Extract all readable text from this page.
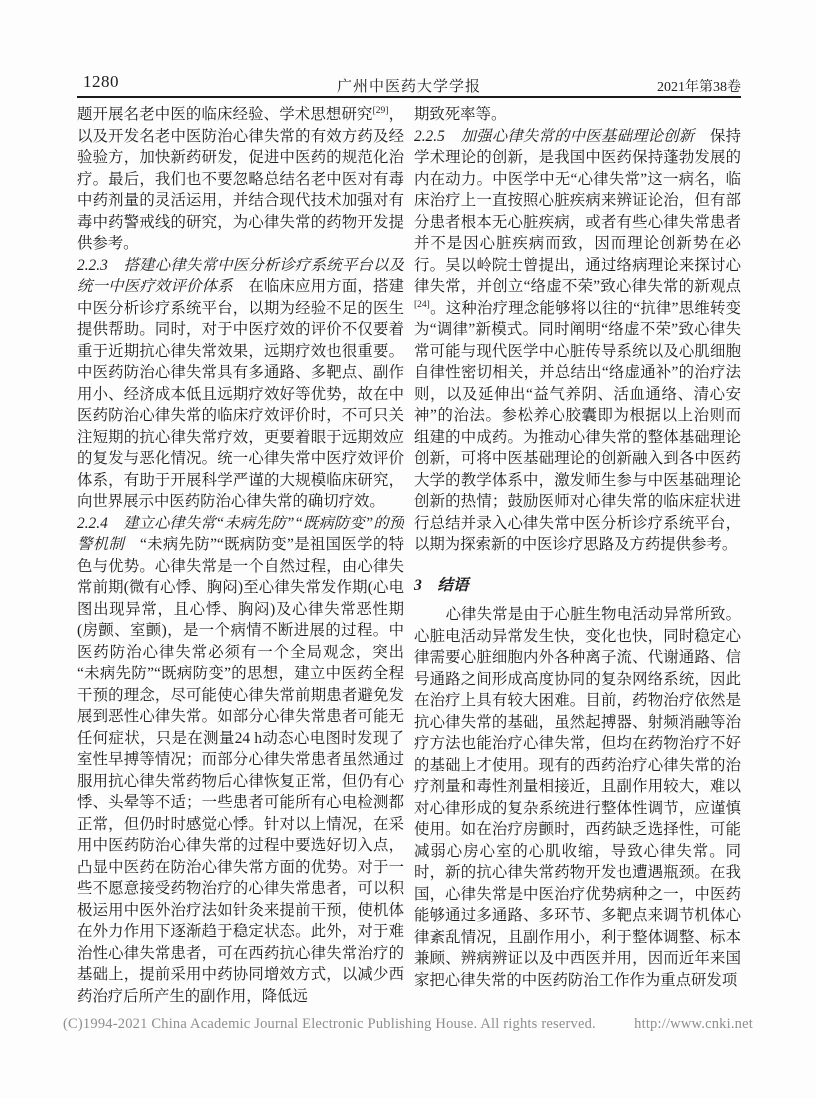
1280	广州中医药大学学报	2021年第38卷

题开展名老中医的临床经验、学术思想研究[29]，以及开发名老中医防治心律失常的有效方药及经验验方，加快新药研发，促进中医药的规范化治疗。最后，我们也不要忽略总结名老中医对有毒中药剂量的灵活运用，并结合现代技术加强对有毒中药警戒线的研究，为心律失常的药物开发提供参考。

2.2.3　搭建心律失常中医分析诊疗系统平台以及统一中医疗效评价体系　在临床应用方面，搭建中医分析诊疗系统平台，以期为经验不足的医生提供帮助。同时，对于中医疗效的评价不仅要着重于近期抗心律失常效果，远期疗效也很重要。中医药防治心律失常具有多通路、多靶点、副作用小、经济成本低且远期疗效好等优势，故在中医药防治心律失常的临床疗效评价时，不可只关注短期的抗心律失常疗效，更要着眼于远期效应的复发与恶化情况。统一心律失常中医疗效评价体系，有助于开展科学严谨的大规模临床研究，向世界展示中医药防治心律失常的确切疗效。

2.2.4　建立心律失常“未病先防”“既病防变”的预警机制　“未病先防”“既病防变”是祖国医学的特色与优势。心律失常是一个自然过程，由心律失常前期(微有心悸、胸闷)至心律失常发作期(心电图出现异常，且心悸、胸闷)及心律失常恶性期(房颤、室颤)，是一个病情不断进展的过程。中医药防治心律失常必须有一个全局观念，突出“未病先防”“既病防变”的思想，建立中医药全程干预的理念，尽可能使心律失常前期患者避免发展到恶性心律失常。如部分心律失常患者可能无任何症状，只是在测量24 h动态心电图时发现了室性早搏等情况；而部分心律失常患者虽然通过服用抗心律失常药物后心律恢复正常，但仍有心悸、头晕等不适；一些患者可能所有心电检测都正常，但仍时时感觉心悸。针对以上情况，在采用中医药防治心律失常的过程中要选好切入点，凸显中医药在防治心律失常方面的优势。对于一些不愿意接受药物治疗的心律失常患者，可以积极运用中医外治疗法如针灸来提前干预，使机体在外力作用下逐渐趋于稳定状态。此外，对于难治性心律失常患者，可在西药抗心律失常治疗的基础上，提前采用中药协同增效方式，以减少西药治疗后所产生的副作用，降低远

期致死率等。

2.2.5　加强心律失常的中医基础理论创新　保持学术理论的创新，是我国中医药保持蓬勃发展的内在动力。中医学中无“心律失常”这一病名，临床治疗上一直按照心脏疾病来辨证论治，但有部分患者根本无心脏疾病，或者有些心律失常患者并不是因心脏疾病而致，因而理论创新势在必行。吴以岭院士曾提出，通过络病理论来探讨心律失常，并创立“络虚不荣”致心律失常的新观点[24]。这种治疗理念能够将以往的“抗律”思维转变为“调律”新模式。同时阐明“络虚不荣”致心律失常可能与现代医学中心脏传导系统以及心肌细胞自律性密切相关，并总结出“络虚通补”的治疗法则，以及延伸出“益气养阴、活血通络、清心安神”的治法。参松养心胶囊即为根据以上治则而组建的中成药。为推动心律失常的整体基础理论创新，可将中医基础理论的创新融入到各中医药大学的教学体系中，激发师生参与中医基础理论创新的热情；鼓励医师对心律失常的临床症状进行总结并录入心律失常中医分析诊疗系统平台，以期为探索新的中医诊疗思路及方药提供参考。

3　结语

心律失常是由于心脏生物电活动异常所致。心脏电活动异常发生快，变化也快，同时稳定心律需要心脏细胞内外各种离子流、代谢通路、信号通路之间形成高度协同的复杂网络系统，因此在治疗上具有较大困难。目前，药物治疗依然是抗心律失常的基础，虽然起搏器、射频消融等治疗方法也能治疗心律失常，但均在药物治疗不好的基础上才使用。现有的西药治疗心律失常的治疗剂量和毒性剂量相接近，且副作用较大，难以对心律形成的复杂系统进行整体性调节，应谨慎使用。如在治疗房颤时，西药缺乏选择性，可能减弱心房心室的心肌收缩，导致心律失常。同时，新的抗心律失常药物开发也遭遇瓶颈。在我国，心律失常是中医治疗优势病种之一，中医药能够通过多通路、多环节、多靶点来调节机体心律紊乱情况，且副作用小，利于整体调整、标本兼顾、辨病辨证以及中西医并用，因而近年来国家把心律失常的中医药防治工作作为重点研发项

(C)1994-2021 China Academic Journal Electronic Publishing House. All rights reserved.	http://www.cnki.net
